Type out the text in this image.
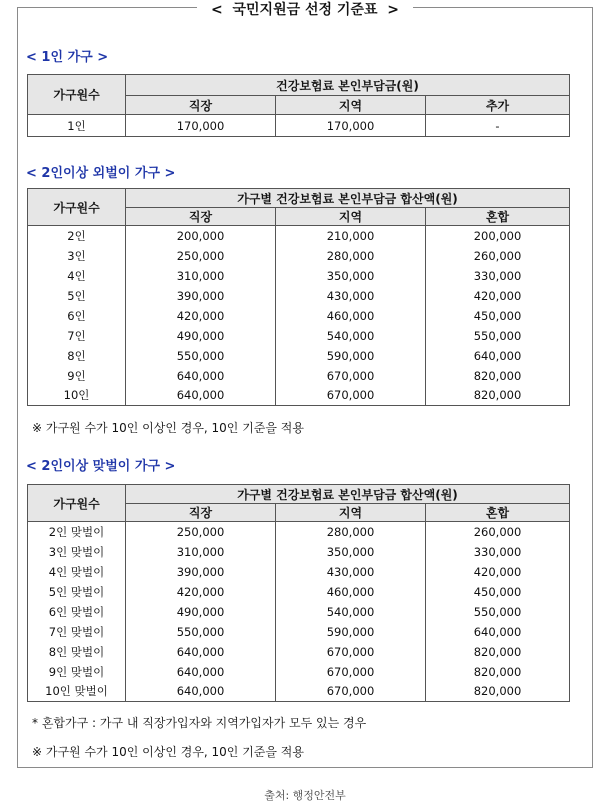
< 국민지원금 선정 기준표 >
< 1인 가구 >
가구원수	건강보험료 본인부담금(원)		
	직장	지역	추가
1인	170,000	170,000	-
< 2인이상 외벌이 가구 >
가구원수	가구별 건강보험료 본인부담금 합산액(원)		
	직장	지역	혼합
2인	200,000	210,000	200,000
3인	250,000	280,000	260,000
4인	310,000	350,000	330,000
5인	390,000	430,000	420,000
6인	420,000	460,000	450,000
7인	490,000	540,000	550,000
8인	550,000	590,000	640,000
9인	640,000	670,000	820,000
10인	640,000	670,000	820,000
※ 가구원 수가 10인 이상인 경우, 10인 기준을 적용
< 2인이상 맞벌이 가구 >
가구원수	가구별 건강보험료 본인부담금 합산액(원)		
	직장	지역	혼합
2인 맞벌이	250,000	280,000	260,000
3인 맞벌이	310,000	350,000	330,000
4인 맞벌이	390,000	430,000	420,000
5인 맞벌이	420,000	460,000	450,000
6인 맞벌이	490,000	540,000	550,000
7인 맞벌이	550,000	590,000	640,000
8인 맞벌이	640,000	670,000	820,000
9인 맞벌이	640,000	670,000	820,000
10인 맞벌이	640,000	670,000	820,000
* 혼합가구 : 가구 내 직장가입자와 지역가입자가 모두 있는 경우
※ 가구원 수가 10인 이상인 경우, 10인 기준을 적용
출처: 행정안전부
